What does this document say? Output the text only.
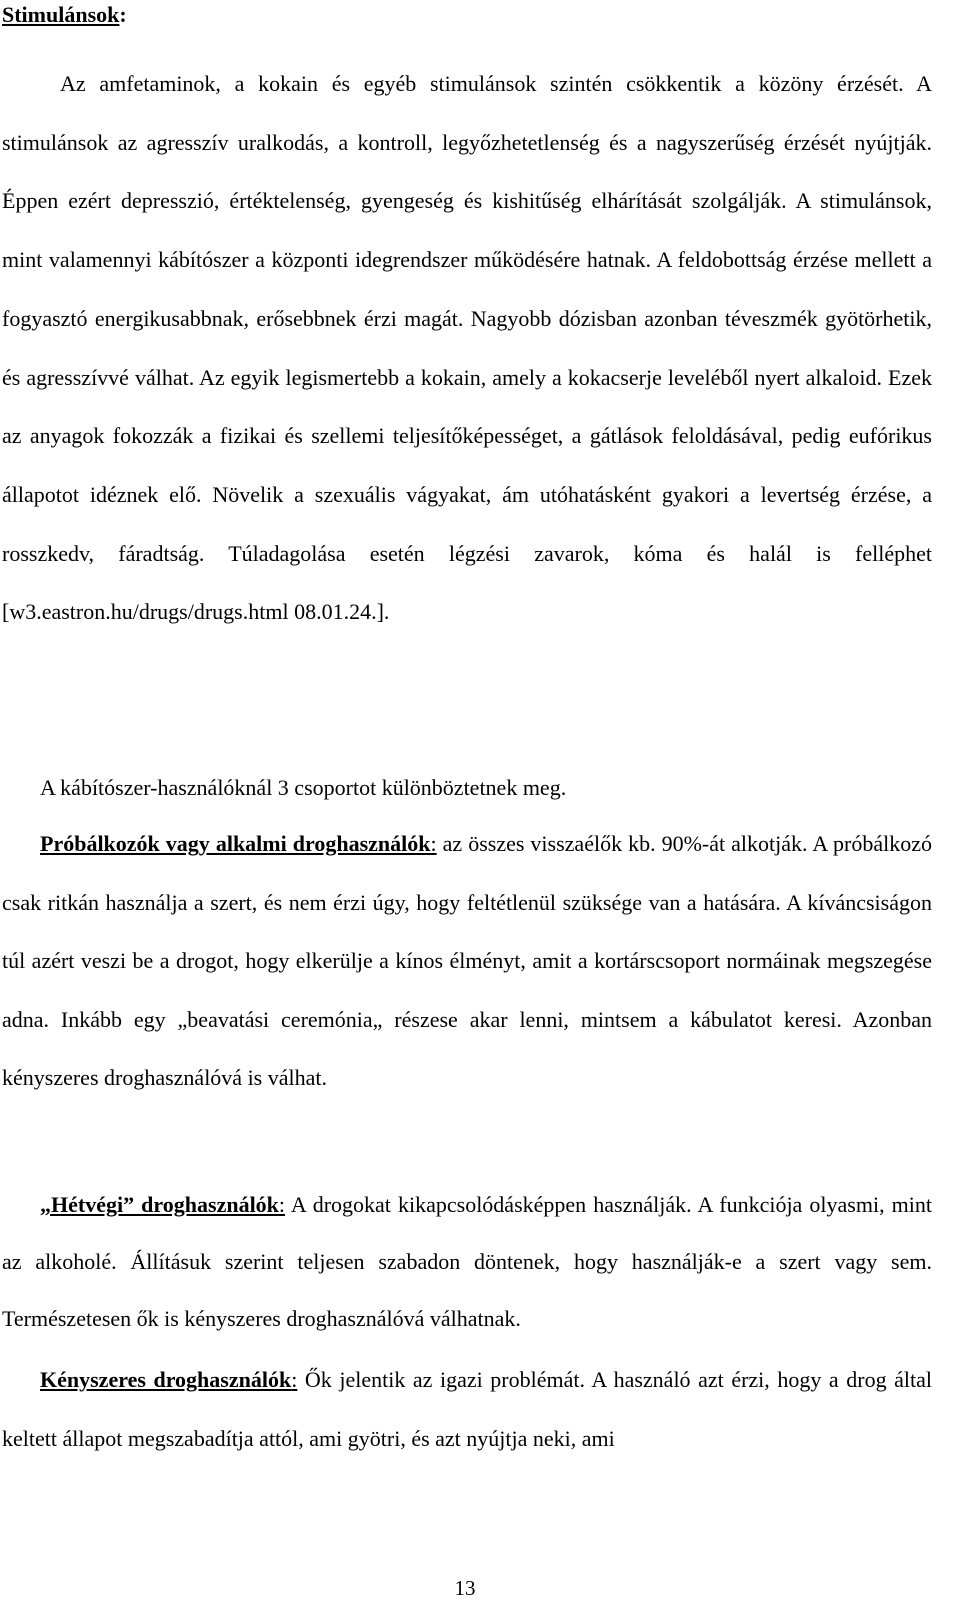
Stimulánsok:

Az amfetaminok, a kokain és egyéb stimulánsok szintén csökkentik a közöny érzését. A stimulánsok az agresszív uralkodás, a kontroll, legyőzhetetlenség és a nagyszerűség érzését nyújtják. Éppen ezért depresszió, értéktelenség, gyengeség és kishitűség elhárítását szolgálják. A stimulánsok, mint valamennyi kábítószer a központi idegrendszer működésére hatnak. A feldobottság érzése mellett a fogyasztó energikusabbnak, erősebbnek érzi magát. Nagyobb dózisban azonban téveszmék gyötörhetik, és agresszívvé válhat. Az egyik legismertebb a kokain, amely a kokacserje leveléből nyert alkaloid. Ezek az anyagok fokozzák a fizikai és szellemi teljesítőképességet, a gátlások feloldásával, pedig eufórikus állapotot idéznek elő. Növelik a szexuális vágyakat, ám utóhatásként gyakori a levertség érzése, a rosszkedv, fáradtság. Túladagolása esetén légzési zavarok, kóma és halál is felléphet [w3.eastron.hu/drugs/drugs.html 08.01.24.].

A kábítószer-használóknál 3 csoportot különböztetnek meg.

Próbálkozók vagy alkalmi droghasználók: az összes visszaélők kb. 90%-át alkotják. A próbálkozó csak ritkán használja a szert, és nem érzi úgy, hogy feltétlenül szüksége van a hatására. A kíváncsiságon túl azért veszi be a drogot, hogy elkerülje a kínos élményt, amit a kortárscsoport normáinak megszegése adna. Inkább egy „beavatási ceremónia„ részese akar lenni, mintsem a kábulatot keresi. Azonban kényszeres droghasználóvá is válhat.

„Hétvégi” droghasználók: A drogokat kikapcsolódásképpen használják. A funkciója olyasmi, mint az alkoholé. Állításuk szerint teljesen szabadon döntenek, hogy használják-e a szert vagy sem. Természetesen ők is kényszeres droghasználóvá válhatnak.

Kényszeres droghasználók: Ők jelentik az igazi problémát. A használó azt érzi, hogy a drog által keltett állapot megszabadítja attól, ami gyötri, és azt nyújtja neki, ami

13
